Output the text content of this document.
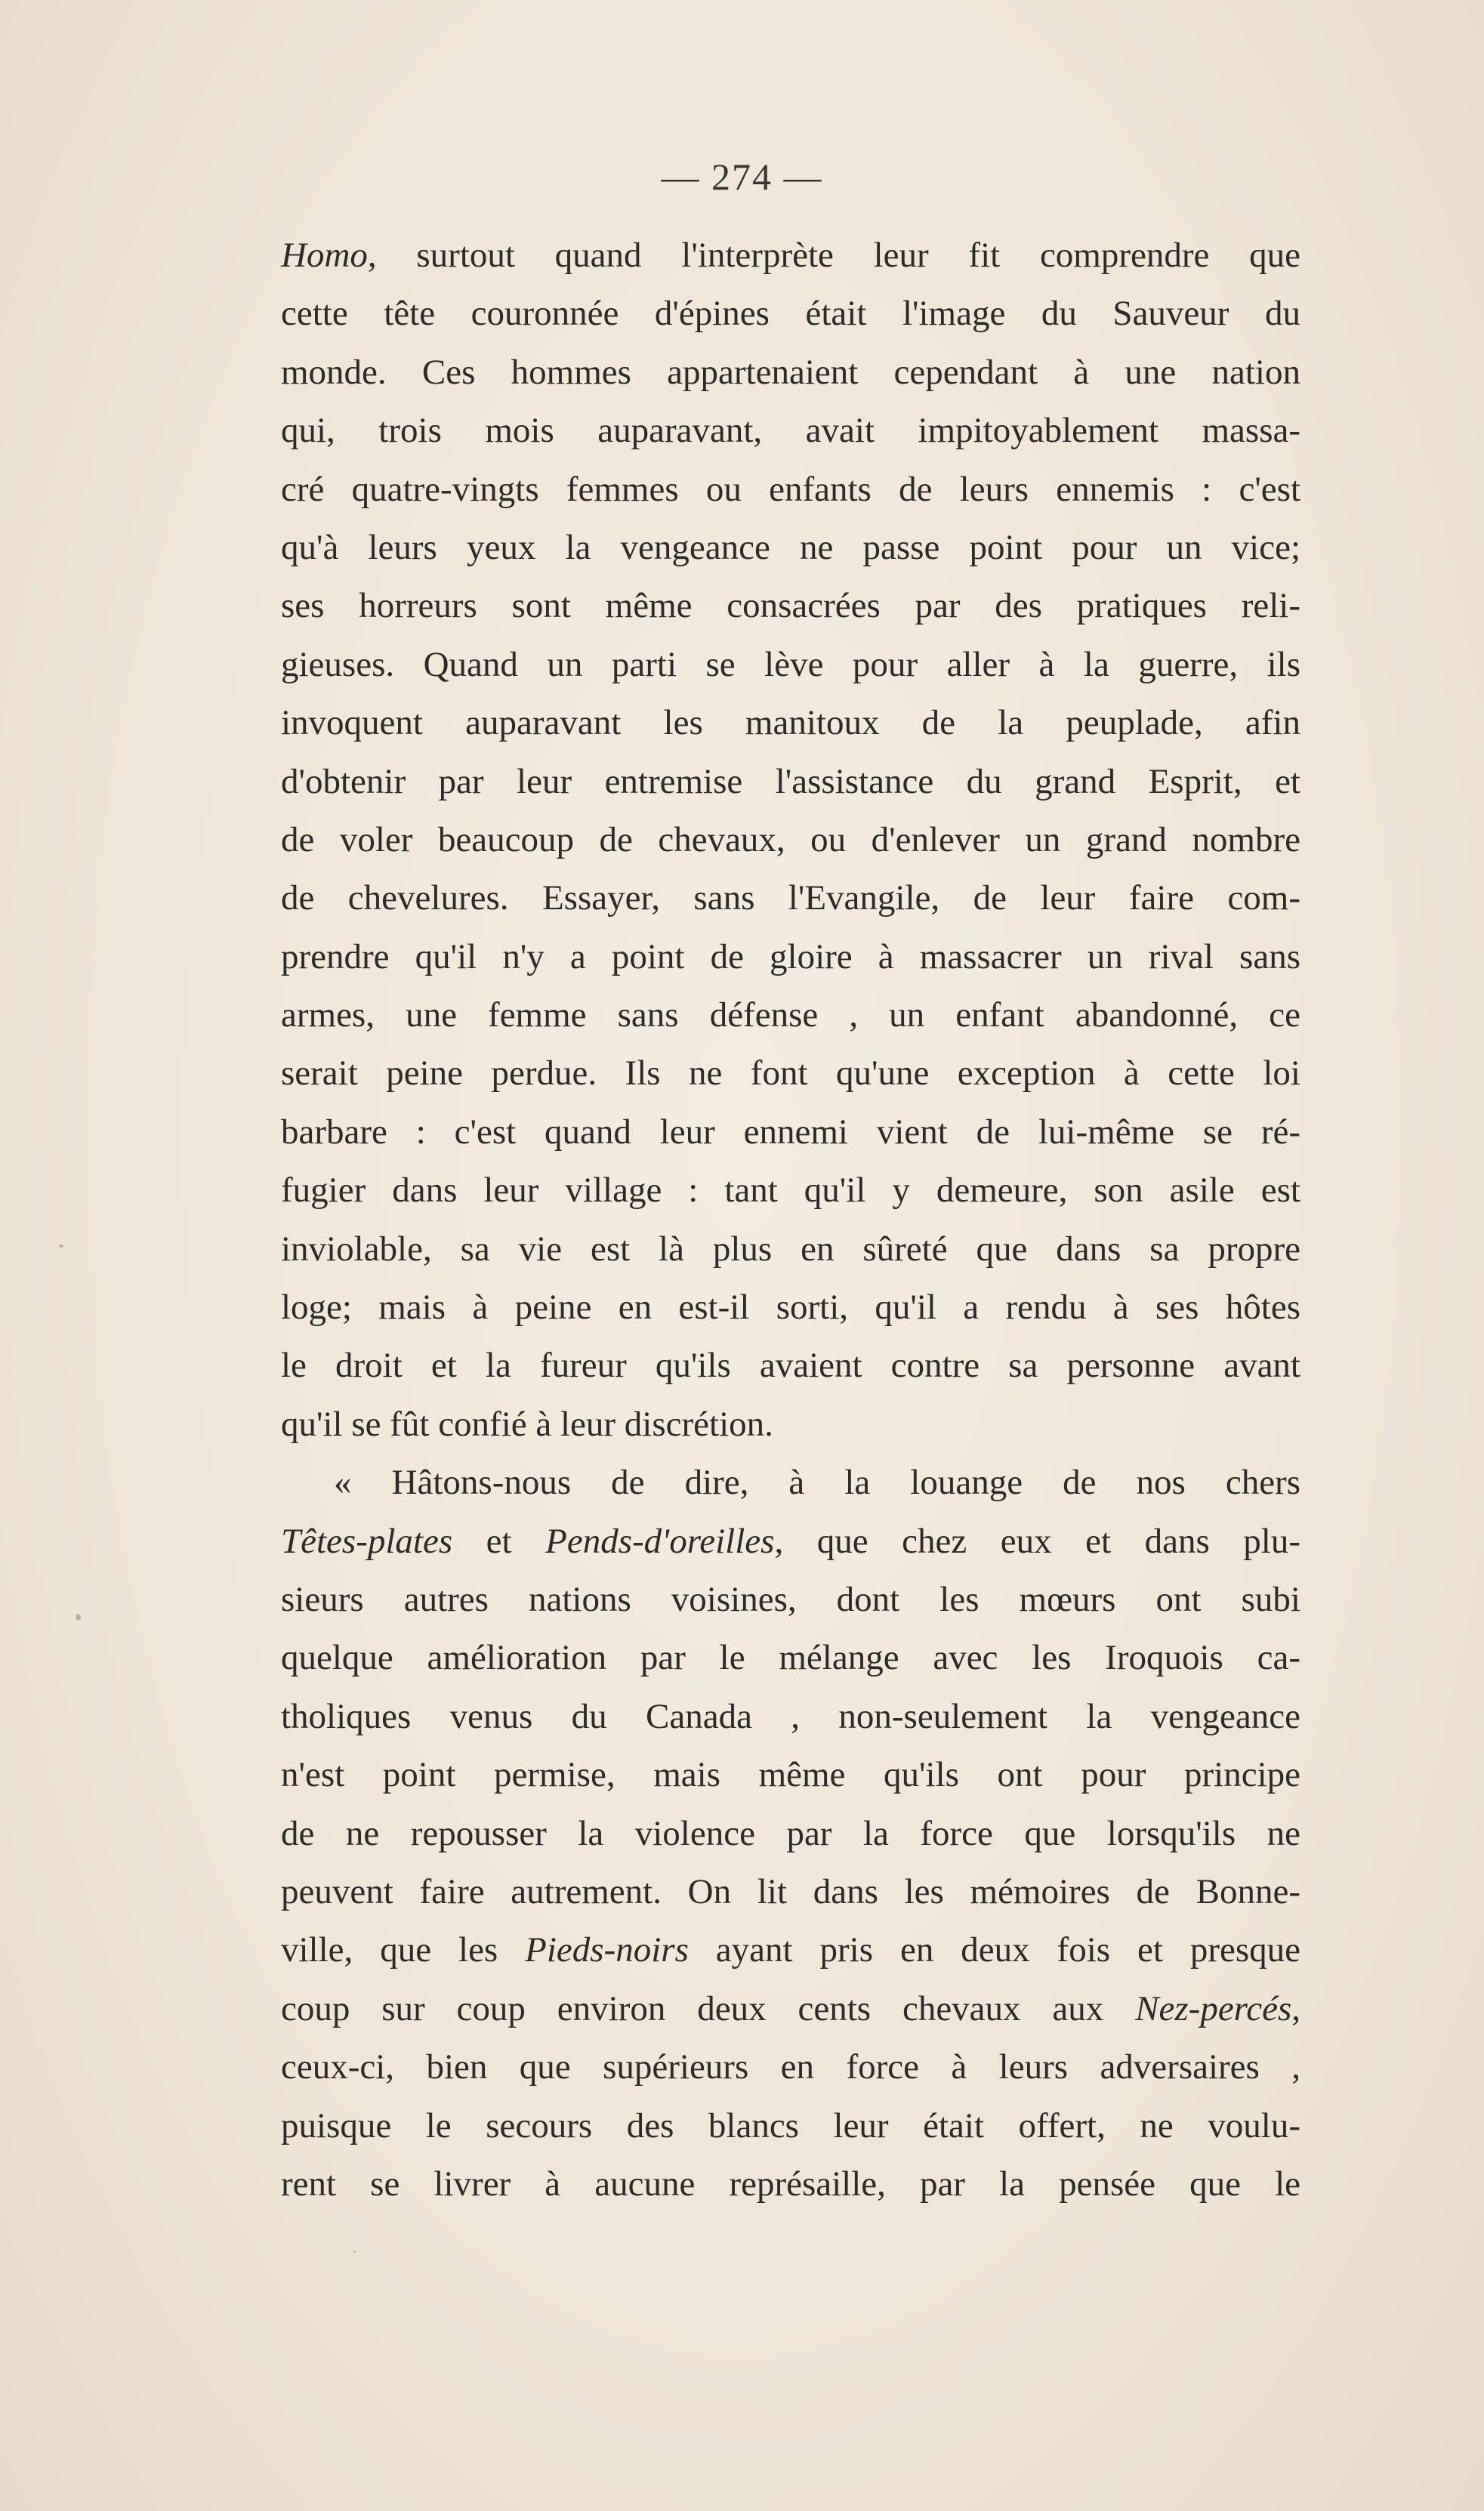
— 274 —
Homo, surtout quand l'interprète leur fit comprendre que
cette tête couronnée d'épines était l'image du Sauveur du
monde. Ces hommes appartenaient cependant à une nation
qui, trois mois auparavant, avait impitoyablement massa-
cré quatre-vingts femmes ou enfants de leurs ennemis : c'est
qu'à leurs yeux la vengeance ne passe point pour un vice;
ses horreurs sont même consacrées par des pratiques reli-
gieuses. Quand un parti se lève pour aller à la guerre, ils
invoquent auparavant les manitoux de la peuplade, afin
d'obtenir par leur entremise l'assistance du grand Esprit, et
de voler beaucoup de chevaux, ou d'enlever un grand nombre
de chevelures. Essayer, sans l'Evangile, de leur faire com-
prendre qu'il n'y a point de gloire à massacrer un rival sans
armes, une femme sans défense , un enfant abandonné, ce
serait peine perdue. Ils ne font qu'une exception à cette loi
barbare : c'est quand leur ennemi vient de lui-même se ré-
fugier dans leur village : tant qu'il y demeure, son asile est
inviolable, sa vie est là plus en sûreté que dans sa propre
loge; mais à peine en est-il sorti, qu'il a rendu à ses hôtes
le droit et la fureur qu'ils avaient contre sa personne avant
qu'il se fût confié à leur discrétion.
« Hâtons-nous de dire, à la louange de nos chers
Têtes-plates et Pends-d'oreilles, que chez eux et dans plu-
sieurs autres nations voisines, dont les mœurs ont subi
quelque amélioration par le mélange avec les Iroquois ca-
tholiques venus du Canada , non-seulement la vengeance
n'est point permise, mais même qu'ils ont pour principe
de ne repousser la violence par la force que lorsqu'ils ne
peuvent faire autrement. On lit dans les mémoires de Bonne-
ville, que les Pieds-noirs ayant pris en deux fois et presque
coup sur coup environ deux cents chevaux aux Nez-percés,
ceux-ci, bien que supérieurs en force à leurs adversaires ,
puisque le secours des blancs leur était offert, ne voulu-
rent se livrer à aucune représaille, par la pensée que le
